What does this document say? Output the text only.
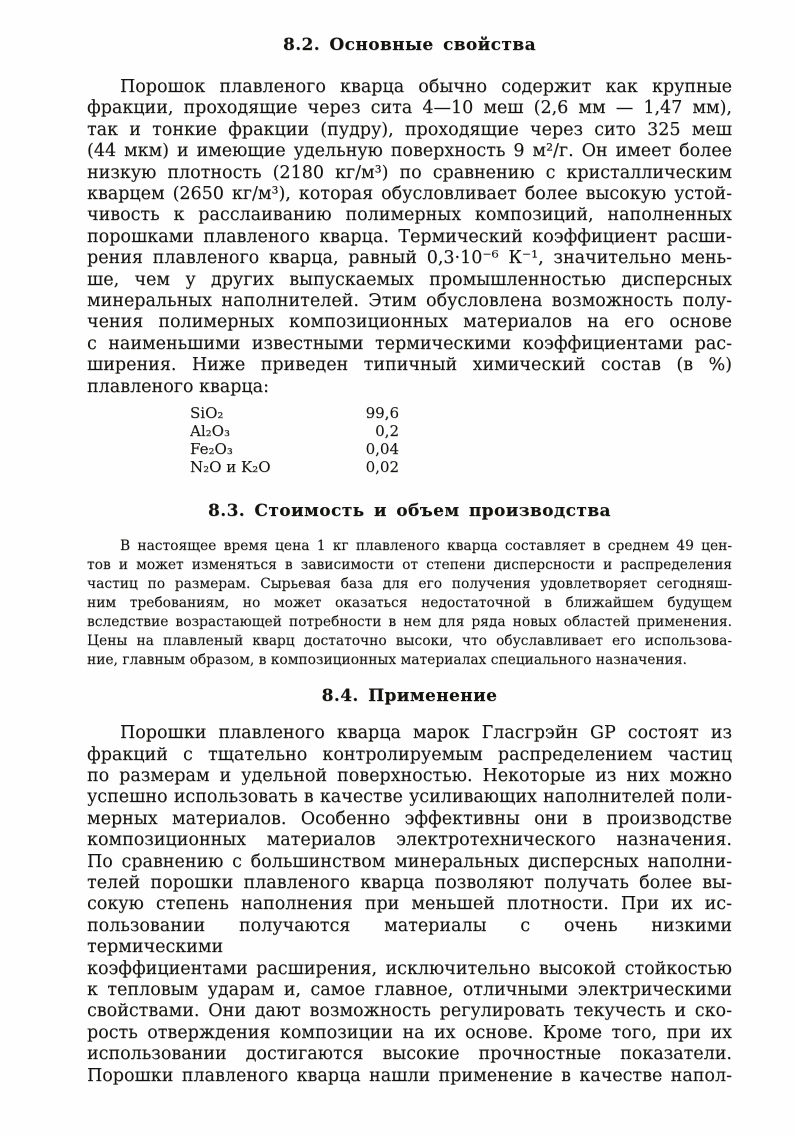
8.2. Основные свойства
Порошок плавленого кварца обычно содержит как крупные
фракции, проходящие через сита 4—10 меш (2,6 мм — 1,47 мм),
так и тонкие фракции (пудру), проходящие через сито 325 меш
(44 мкм) и имеющие удельную поверхность 9 м²/г. Он имеет более
низкую плотность (2180 кг/м³) по сравнению с кристаллическим
кварцем (2650 кг/м³), которая обусловливает более высокую устой-
чивость к расслаиванию полимерных композиций, наполненных
порошками плавленого кварца. Термический коэффициент расши-
рения плавленого кварца, равный 0,3·10⁻⁶ К⁻¹, значительно мень-
ше, чем у других выпускаемых промышленностью дисперсных
минеральных наполнителей. Этим обусловлена возможность полу-
чения полимерных композиционных материалов на его основе
с наименьшими известными термическими коэффициентами рас-
ширения. Ниже приведен типичный химический состав (в %)
плавленого кварца:
SiO₂	99,6
Al₂O₃	0,2
Fe₂O₃	0,04
N₂O и K₂O	0,02
8.3. Стоимость и объем производства
В настоящее время цена 1 кг плавленого кварца составляет в среднем 49 цен-
тов и может изменяться в зависимости от степени дисперсности и распределения
частиц по размерам. Сырьевая база для его получения удовлетворяет сегодняш-
ним требованиям, но может оказаться недостаточной в ближайшем будущем
вследствие возрастающей потребности в нем для ряда новых областей применения.
Цены на плавленый кварц достаточно высоки, что обуславливает его использова-
ние, главным образом, в композиционных материалах специального назначения.
8.4. Применение
Порошки плавленого кварца марок Гласгрэйн GP состоят из
фракций с тщательно контролируемым распределением частиц
по размерам и удельной поверхностью. Некоторые из них можно
успешно использовать в качестве усиливающих наполнителей поли-
мерных материалов. Особенно эффективны они в производстве
композиционных материалов электротехнического назначения.
По сравнению с большинством минеральных дисперсных наполни-
телей порошки плавленого кварца позволяют получать более вы-
сокую степень наполнения при меньшей плотности. При их ис-
пользовании получаются материалы с очень низкими термическими
коэффициентами расширения, исключительно высокой стойкостью
к тепловым ударам и, самое главное, отличными электрическими
свойствами. Они дают возможность регулировать текучесть и ско-
рость отверждения композиции на их основе. Кроме того, при их
использовании достигаются высокие прочностные показатели.
Порошки плавленого кварца нашли применение в качестве напол-
